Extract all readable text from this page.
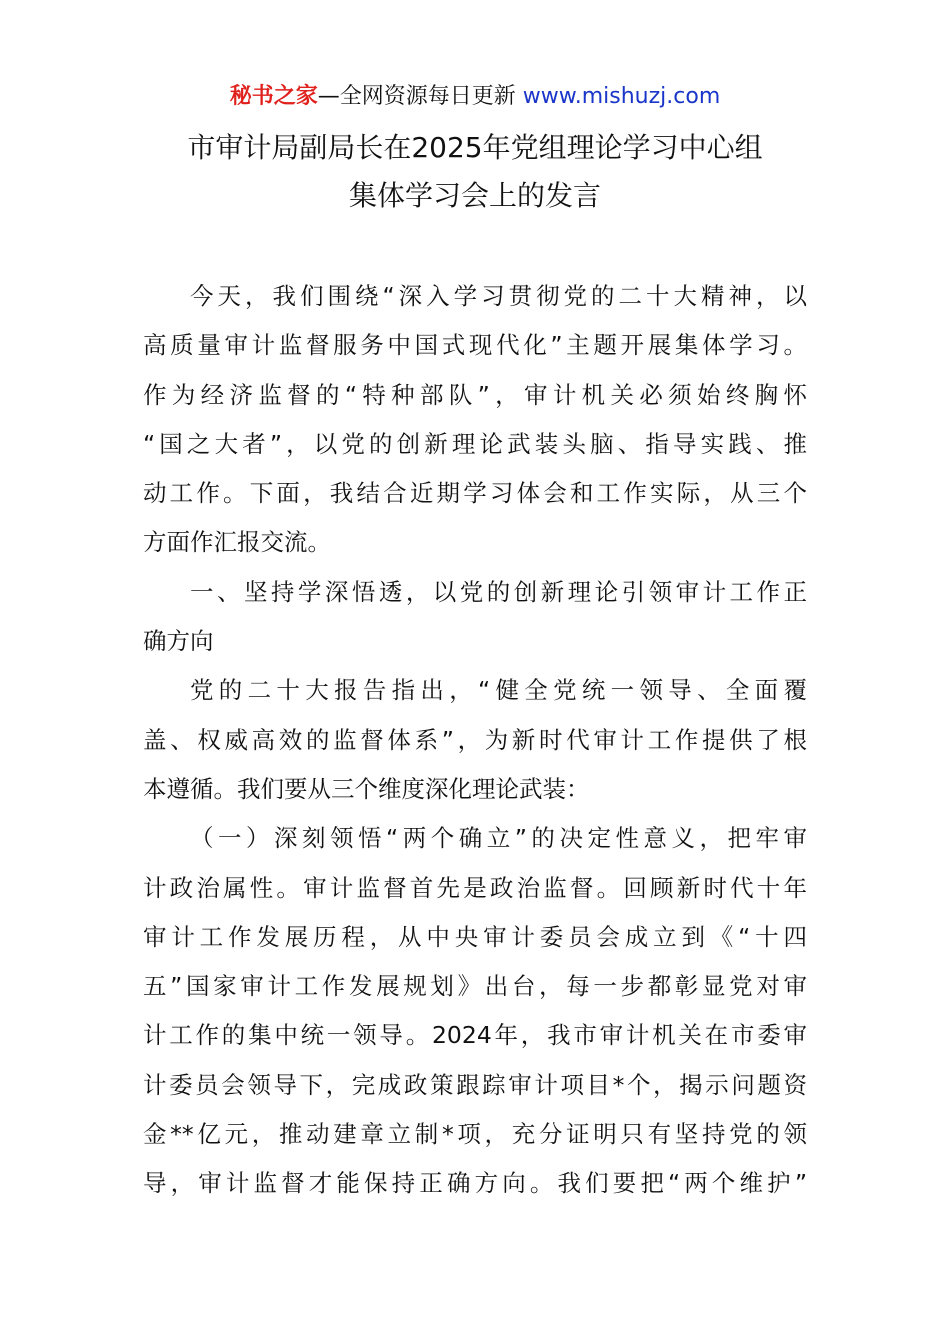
秘书之家—全网资源每日更新 www.mishuzj.com
市审计局副局长在2025年党组理论学习中心组
集体学习会上的发言
今天，我们围绕“深入学习贯彻党的二十大精神，以
高质量审计监督服务中国式现代化”主题开展集体学习。
作为经济监督的“特种部队”，审计机关必须始终胸怀
“国之大者”，以党的创新理论武装头脑、指导实践、推
动工作。下面，我结合近期学习体会和工作实际，从三个
方面作汇报交流。
一、坚持学深悟透，以党的创新理论引领审计工作正
确方向
党的二十大报告指出，“健全党统一领导、全面覆
盖、权威高效的监督体系”，为新时代审计工作提供了根
本遵循。我们要从三个维度深化理论武装：
（一）深刻领悟“两个确立”的决定性意义，把牢审
计政治属性。审计监督首先是政治监督。回顾新时代十年
审计工作发展历程，从中央审计委员会成立到《“十四
五”国家审计工作发展规划》出台，每一步都彰显党对审
计工作的集中统一领导。2024年，我市审计机关在市委审
计委员会领导下，完成政策跟踪审计项目*个，揭示问题资
金**亿元，推动建章立制*项，充分证明只有坚持党的领
导，审计监督才能保持正确方向。我们要把“两个维护”
